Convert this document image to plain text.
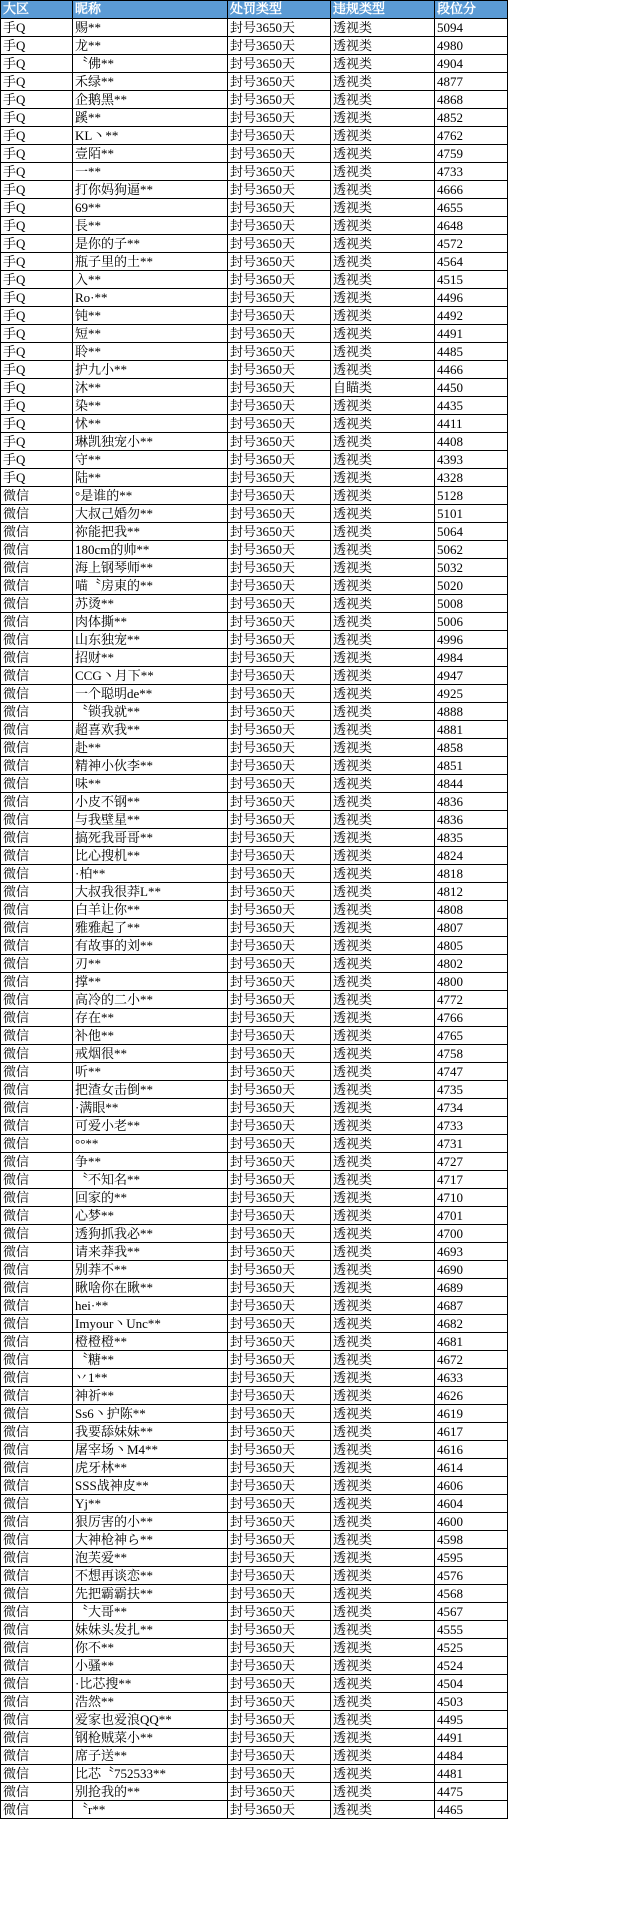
大区	昵称	处罚类型	违规类型	段位分
手Q	赐**	封号3650天	透视类	5094
手Q	龙**	封号3650天	透视类	4980
手Q	〝佛**	封号3650天	透视类	4904
手Q	禾绿**	封号3650天	透视类	4877
手Q	企鹅黑**	封号3650天	透视类	4868
手Q	蹊**	封号3650天	透视类	4852
手Q	KL丶**	封号3650天	透视类	4762
手Q	壹陌**	封号3650天	透视类	4759
手Q	一**	封号3650天	透视类	4733
手Q	打你妈狗逼**	封号3650天	透视类	4666
手Q	69**	封号3650天	透视类	4655
手Q	長**	封号3650天	透视类	4648
手Q	是你的子**	封号3650天	透视类	4572
手Q	瓶子里的土**	封号3650天	透视类	4564
手Q	入**	封号3650天	透视类	4515
手Q	Ro·**	封号3650天	透视类	4496
手Q	钝**	封号3650天	透视类	4492
手Q	短**	封号3650天	透视类	4491
手Q	聆**	封号3650天	透视类	4485
手Q	护九小**	封号3650天	透视类	4466
手Q	沐**	封号3650天	自瞄类	4450
手Q	染**	封号3650天	透视类	4435
手Q	怵**	封号3650天	透视类	4411
手Q	琳凯独宠小**	封号3650天	透视类	4408
手Q	守**	封号3650天	透视类	4393
手Q	陆**	封号3650天	透视类	4328
微信	°是谁的**	封号3650天	透视类	5128
微信	大叔己婚勿**	封号3650天	透视类	5101
微信	祢能把我**	封号3650天	透视类	5064
微信	180cm的帅**	封号3650天	透视类	5062
微信	海上钢琴师**	封号3650天	透视类	5032
微信	喵〝房東的**	封号3650天	透视类	5020
微信	苏烫**	封号3650天	透视类	5008
微信	肉体撕**	封号3650天	透视类	5006
微信	山东独宠**	封号3650天	透视类	4996
微信	招财**	封号3650天	透视类	4984
微信	CCG丶月下**	封号3650天	透视类	4947
微信	一个聪明de**	封号3650天	透视类	4925
微信	〝锁我就**	封号3650天	透视类	4888
微信	超喜欢我**	封号3650天	透视类	4881
微信	赴**	封号3650天	透视类	4858
微信	精神小伙李**	封号3650天	透视类	4851
微信	味**	封号3650天	透视类	4844
微信	小皮不钢**	封号3650天	透视类	4836
微信	与我壁星**	封号3650天	透视类	4836
微信	搞死我哥哥**	封号3650天	透视类	4835
微信	比心搜机**	封号3650天	透视类	4824
微信	·柏**	封号3650天	透视类	4818
微信	大叔我很莽L**	封号3650天	透视类	4812
微信	白羊让你**	封号3650天	透视类	4808
微信	雅雅起了**	封号3650天	透视类	4807
微信	有故事的刘**	封号3650天	透视类	4805
微信	刃**	封号3650天	透视类	4802
微信	撑**	封号3650天	透视类	4800
微信	高冷的二小**	封号3650天	透视类	4772
微信	存在**	封号3650天	透视类	4766
微信	补他**	封号3650天	透视类	4765
微信	戒烟很**	封号3650天	透视类	4758
微信	听**	封号3650天	透视类	4747
微信	把渣女击倒**	封号3650天	透视类	4735
微信	·满眼**	封号3650天	透视类	4734
微信	可爱小老**	封号3650天	透视类	4733
微信	°°**	封号3650天	透视类	4731
微信	争**	封号3650天	透视类	4727
微信	〝不知名**	封号3650天	透视类	4717
微信	回家的**	封号3650天	透视类	4710
微信	心梦**	封号3650天	透视类	4701
微信	透狗抓我必**	封号3650天	透视类	4700
微信	请来莽我**	封号3650天	透视类	4693
微信	别莽不**	封号3650天	透视类	4690
微信	瞅啥你在瞅**	封号3650天	透视类	4689
微信	hei·**	封号3650天	透视类	4687
微信	Imyour丶Unc**	封号3650天	透视类	4682
微信	橙橙橙**	封号3650天	透视类	4681
微信	〝糖**	封号3650天	透视类	4672
微信	丷1**	封号3650天	透视类	4633
微信	神祈**	封号3650天	透视类	4626
微信	Ss6丶护陈**	封号3650天	透视类	4619
微信	我要舔妹妹**	封号3650天	透视类	4617
微信	屠宰场丶M4**	封号3650天	透视类	4616
微信	虎牙林**	封号3650天	透视类	4614
微信	SSS战神皮**	封号3650天	透视类	4606
微信	Yj**	封号3650天	透视类	4604
微信	狠厉害的小**	封号3650天	透视类	4600
微信	大神枪神ら**	封号3650天	透视类	4598
微信	泡芙爱**	封号3650天	透视类	4595
微信	不想再谈恋**	封号3650天	透视类	4576
微信	先把霸霸扶**	封号3650天	透视类	4568
微信	〝大哥**	封号3650天	透视类	4567
微信	妹妹头发扎**	封号3650天	透视类	4555
微信	你不**	封号3650天	透视类	4525
微信	小骚**	封号3650天	透视类	4524
微信	·比芯搜**	封号3650天	透视类	4504
微信	浩然**	封号3650天	透视类	4503
微信	爱家也爱浪QQ**	封号3650天	透视类	4495
微信	钢枪贼菜小**	封号3650天	透视类	4491
微信	席子送**	封号3650天	透视类	4484
微信	比芯〝752533**	封号3650天	透视类	4481
微信	别抢我的**	封号3650天	透视类	4475
微信	〝r**	封号3650天	透视类	4465
